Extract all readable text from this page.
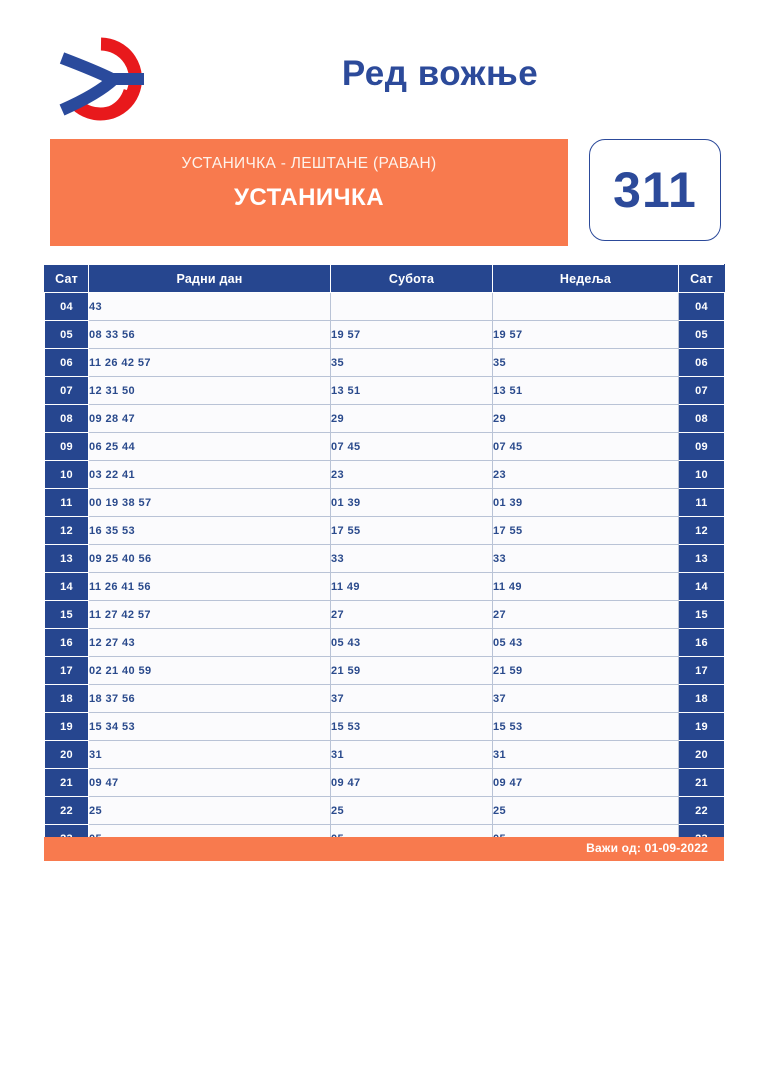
Ред вожње
УСТАНИЧКА - ЛЕШТАНЕ (РАВАН)
УСТАНИЧКА	311
Сат	Радни дан	Субота	Недеља	Сат
04	43			04
05	08 33 56	19 57	19 57	05
06	11 26 42 57	35	35	06
07	12 31 50	13 51	13 51	07
08	09 28 47	29	29	08
09	06 25 44	07 45	07 45	09
10	03 22 41	23	23	10
11	00 19 38 57	01 39	01 39	11
12	16 35 53	17 55	17 55	12
13	09 25 40 56	33	33	13
14	11 26 41 56	11 49	11 49	14
15	11 27 42 57	27	27	15
16	12 27 43	05 43	05 43	16
17	02 21 40 59	21 59	21 59	17
18	18 37 56	37	37	18
19	15 34 53	15 53	15 53	19
20	31	31	31	20
21	09 47	09 47	09 47	21
22	25	25	25	22

Важи од: 01-09-2022
